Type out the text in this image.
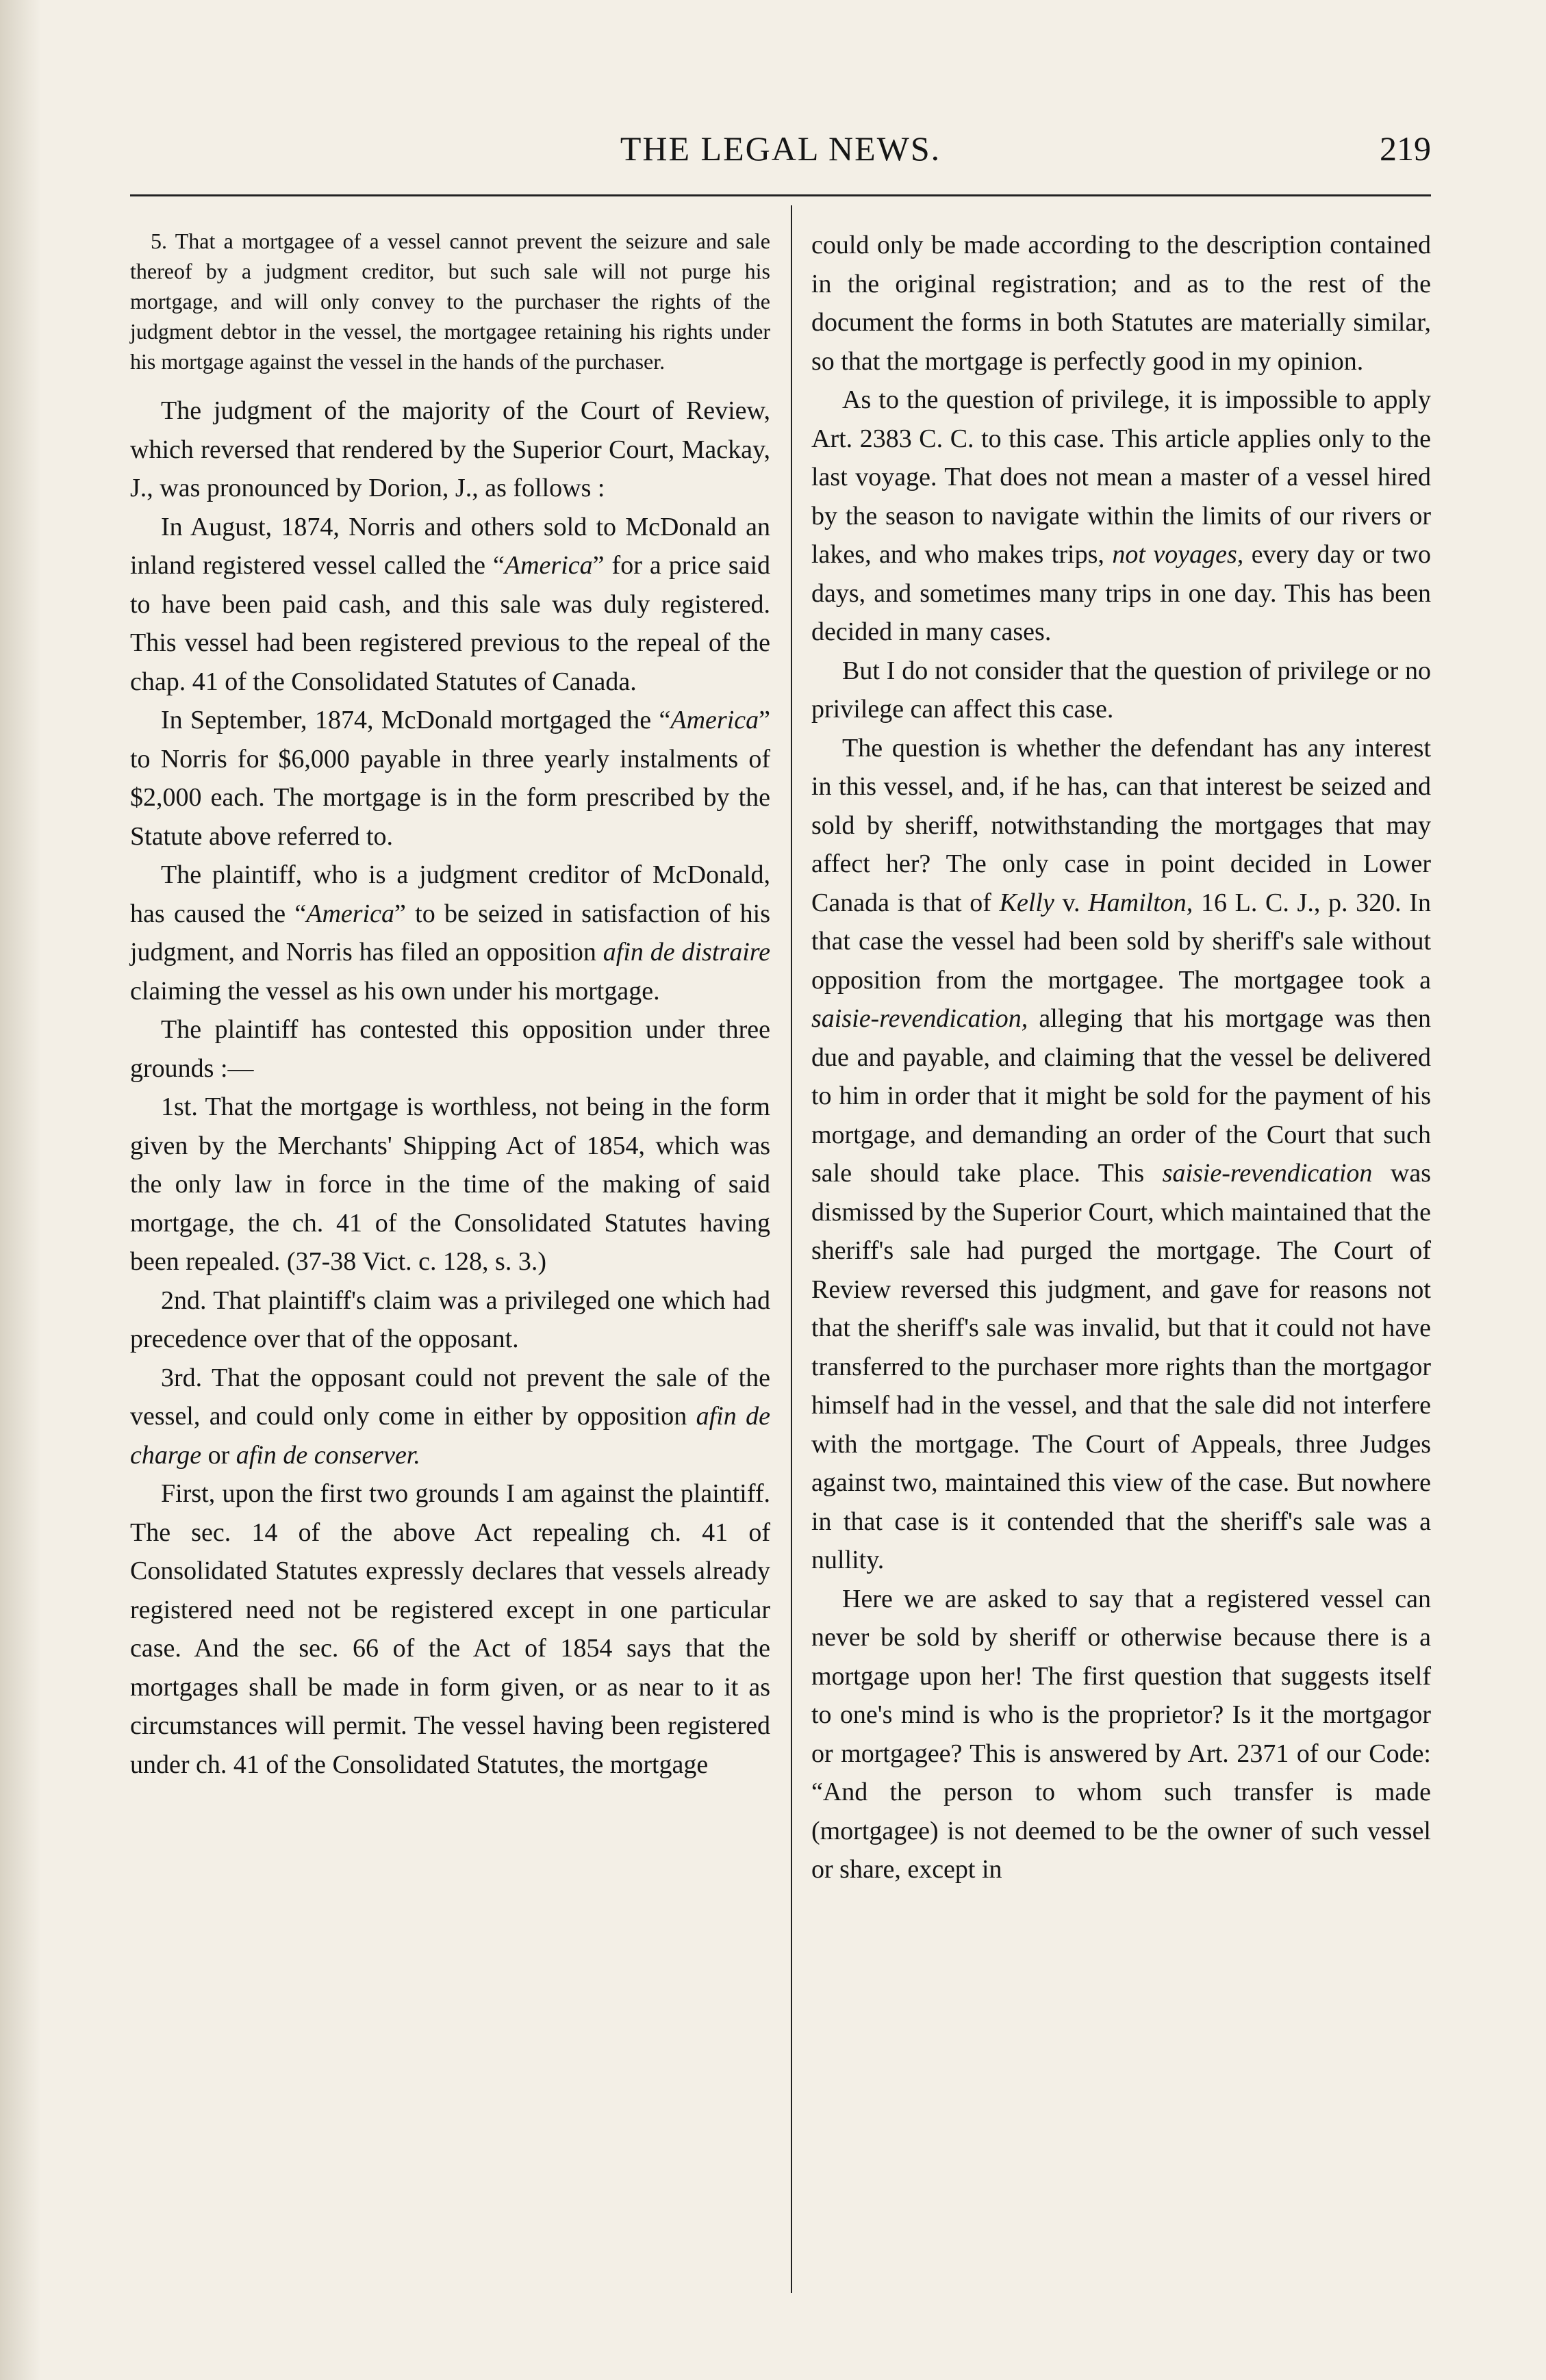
THE LEGAL NEWS.	219

5. That a mortgagee of a vessel cannot prevent the seizure and sale thereof by a judgment creditor, but such sale will not purge his mortgage, and will only convey to the purchaser the rights of the judgment debtor in the vessel, the mortgagee retaining his rights under his mortgage against the vessel in the hands of the purchaser.

The judgment of the majority of the Court of Review, which reversed that rendered by the Superior Court, Mackay, J., was pronounced by Dorion, J., as follows :

In August, 1874, Norris and others sold to McDonald an inland registered vessel called the “America” for a price said to have been paid cash, and this sale was duly registered. This vessel had been registered previous to the repeal of the chap. 41 of the Consolidated Statutes of Canada.

In September, 1874, McDonald mortgaged the “America” to Norris for $6,000 payable in three yearly instalments of $2,000 each. The mortgage is in the form prescribed by the Statute above referred to.

The plaintiff, who is a judgment creditor of McDonald, has caused the “America” to be seized in satisfaction of his judgment, and Norris has filed an opposition afin de distraire claiming the vessel as his own under his mortgage.

The plaintiff has contested this opposition under three grounds :—

1st. That the mortgage is worthless, not being in the form given by the Merchants' Shipping Act of 1854, which was the only law in force in the time of the making of said mortgage, the ch. 41 of the Consolidated Statutes having been repealed. (37-38 Vict. c. 128, s. 3.)

2nd. That plaintiff's claim was a privileged one which had precedence over that of the opposant.

3rd. That the opposant could not prevent the sale of the vessel, and could only come in either by opposition afin de charge or afin de conserver.

First, upon the first two grounds I am against the plaintiff. The sec. 14 of the above Act repealing ch. 41 of Consolidated Statutes expressly declares that vessels already registered need not be registered except in one particular case. And the sec. 66 of the Act of 1854 says that the mortgages shall be made in form given, or as near to it as circumstances will permit. The vessel having been registered under ch. 41 of the Consolidated Statutes, the mortgage

could only be made according to the description contained in the original registration; and as to the rest of the document the forms in both Statutes are materially similar, so that the mortgage is perfectly good in my opinion.

As to the question of privilege, it is impossible to apply Art. 2383 C. C. to this case. This article applies only to the last voyage. That does not mean a master of a vessel hired by the season to navigate within the limits of our rivers or lakes, and who makes trips, not voyages, every day or two days, and sometimes many trips in one day. This has been decided in many cases.

But I do not consider that the question of privilege or no privilege can affect this case.

The question is whether the defendant has any interest in this vessel, and, if he has, can that interest be seized and sold by sheriff, notwithstanding the mortgages that may affect her? The only case in point decided in Lower Canada is that of Kelly v. Hamilton, 16 L. C. J., p. 320. In that case the vessel had been sold by sheriff's sale without opposition from the mortgagee. The mortgagee took a saisie-revendication, alleging that his mortgage was then due and payable, and claiming that the vessel be delivered to him in order that it might be sold for the payment of his mortgage, and demanding an order of the Court that such sale should take place. This saisie-revendication was dismissed by the Superior Court, which maintained that the sheriff's sale had purged the mortgage. The Court of Review reversed this judgment, and gave for reasons not that the sheriff's sale was invalid, but that it could not have transferred to the purchaser more rights than the mortgagor himself had in the vessel, and that the sale did not interfere with the mortgage. The Court of Appeals, three Judges against two, maintained this view of the case. But nowhere in that case is it contended that the sheriff's sale was a nullity.

Here we are asked to say that a registered vessel can never be sold by sheriff or otherwise because there is a mortgage upon her! The first question that suggests itself to one's mind is who is the proprietor? Is it the mortgagor or mortgagee? This is answered by Art. 2371 of our Code: “And the person to whom such transfer is made (mortgagee) is not deemed to be the owner of such vessel or share, except in
